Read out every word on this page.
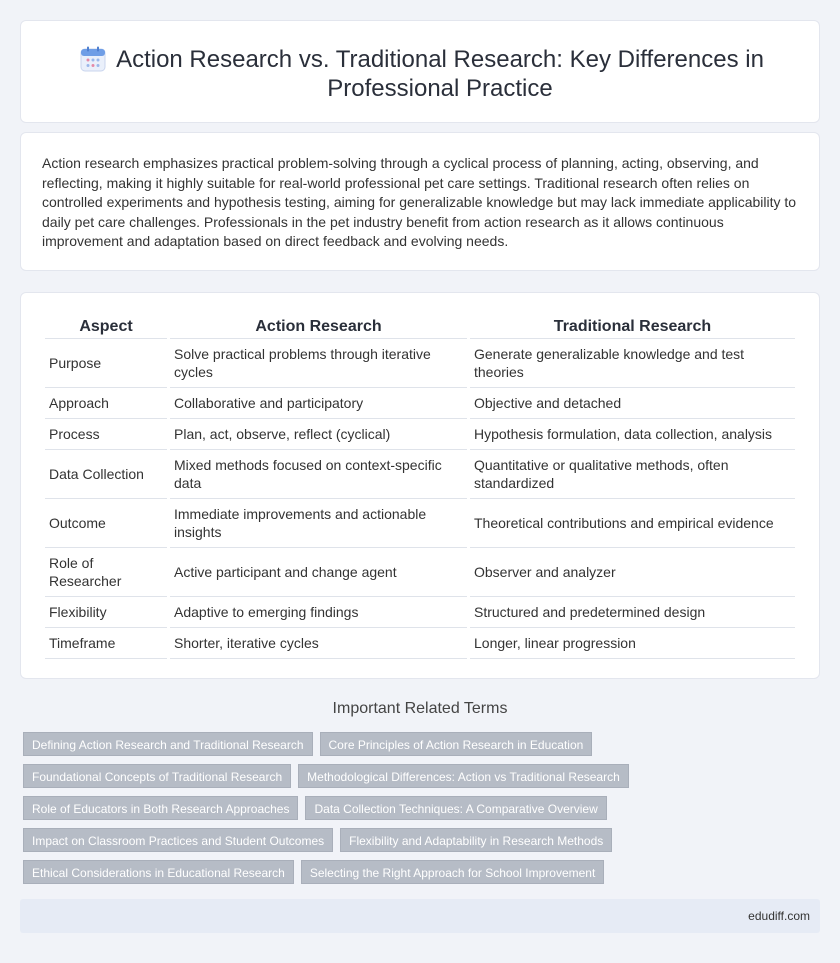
Action Research vs. Traditional Research: Key Differences in Professional Practice

Action research emphasizes practical problem-solving through a cyclical process of planning, acting, observing, and reflecting, making it highly suitable for real-world professional pet care settings. Traditional research often relies on controlled experiments and hypothesis testing, aiming for generalizable knowledge but may lack immediate applicability to daily pet care challenges. Professionals in the pet industry benefit from action research as it allows continuous improvement and adaptation based on direct feedback and evolving needs.

Aspect	Action Research	Traditional Research
Purpose	Solve practical problems through iterative cycles	Generate generalizable knowledge and test theories
Approach	Collaborative and participatory	Objective and detached
Process	Plan, act, observe, reflect (cyclical)	Hypothesis formulation, data collection, analysis
Data Collection	Mixed methods focused on context-specific data	Quantitative or qualitative methods, often standardized
Outcome	Immediate improvements and actionable insights	Theoretical contributions and empirical evidence
Role of Researcher	Active participant and change agent	Observer and analyzer
Flexibility	Adaptive to emerging findings	Structured and predetermined design
Timeframe	Shorter, iterative cycles	Longer, linear progression
Important Related Terms
Defining Action Research and Traditional Research	Core Principles of Action Research in Education
Foundational Concepts of Traditional Research	Methodological Differences: Action vs Traditional Research
Role of Educators in Both Research Approaches	Data Collection Techniques: A Comparative Overview
Impact on Classroom Practices and Student Outcomes	Flexibility and Adaptability in Research Methods
Ethical Considerations in Educational Research	Selecting the Right Approach for School Improvement
edudiff.com
